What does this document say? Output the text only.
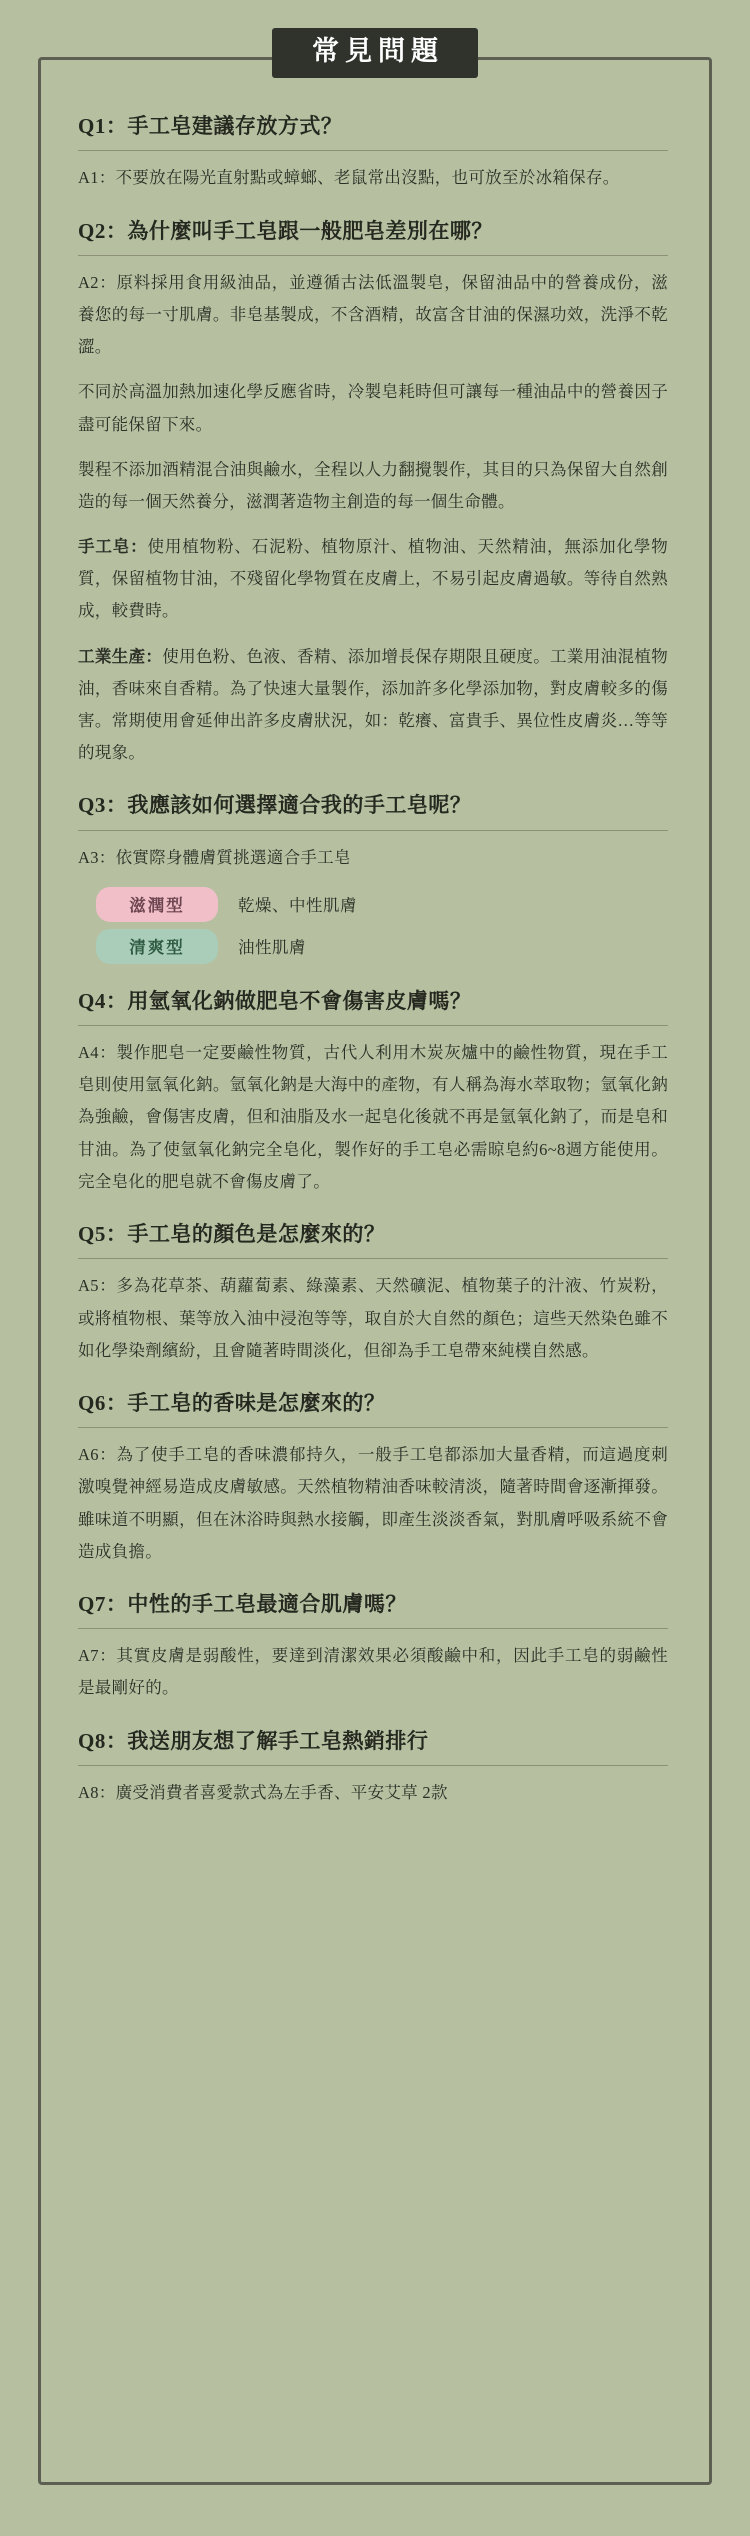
常見問題
Q1：手工皂建議存放方式？
A1：不要放在陽光直射點或蟑螂、老鼠常出沒點，也可放至於冰箱保存。
Q2：為什麼叫手工皂跟一般肥皂差別在哪？
A2：原料採用食用級油品，並遵循古法低溫製皂，保留油品中的營養成份，滋養您的每一寸肌膚。非皂基製成，不含酒精，故富含甘油的保濕功效，洗淨不乾澀。
不同於高溫加熱加速化學反應省時，冷製皂耗時但可讓每一種油品中的營養因子盡可能保留下來。
製程不添加酒精混合油與鹼水，全程以人力翻攪製作，其目的只為保留大自然創造的每一個天然養分，滋潤著造物主創造的每一個生命體。
手工皂：使用植物粉、石泥粉、植物原汁、植物油、天然精油，無添加化學物質，保留植物甘油，不殘留化學物質在皮膚上，不易引起皮膚過敏。等待自然熟成，較費時。
工業生產：使用色粉、色液、香精、添加增長保存期限且硬度。工業用油混植物油，香味來自香精。為了快速大量製作，添加許多化學添加物，對皮膚較多的傷害。常期使用會延伸出許多皮膚狀況，如：乾癢、富貴手、異位性皮膚炎…等等的現象。
Q3：我應該如何選擇適合我的手工皂呢？
A3：依實際身體膚質挑選適合手工皂
滋潤型	乾燥、中性肌膚
清爽型	油性肌膚
Q4：用氫氧化鈉做肥皂不會傷害皮膚嗎？
A4：製作肥皂一定要鹼性物質，古代人利用木炭灰爐中的鹼性物質，現在手工皂則使用氫氧化鈉。氫氧化鈉是大海中的產物，有人稱為海水萃取物；氫氧化鈉為強鹼，會傷害皮膚，但和油脂及水一起皂化後就不再是氫氧化鈉了，而是皂和甘油。為了使氫氧化鈉完全皂化，製作好的手工皂必需晾皂約6~8週方能使用。完全皂化的肥皂就不會傷皮膚了。
Q5：手工皂的顏色是怎麼來的？
A5：多為花草茶、葫蘿蔔素、綠藻素、天然礦泥、植物葉子的汁液、竹炭粉，或將植物根、葉等放入油中浸泡等等，取自於大自然的顏色；這些天然染色雖不如化學染劑繽紛，且會隨著時間淡化，但卻為手工皂帶來純樸自然感。
Q6：手工皂的香味是怎麼來的？
A6：為了使手工皂的香味濃郁持久，一般手工皂都添加大量香精，而這過度刺激嗅覺神經易造成皮膚敏感。天然植物精油香味較清淡，隨著時間會逐漸揮發。雖味道不明顯，但在沐浴時與熱水接觸，即產生淡淡香氣，對肌膚呼吸系統不會造成負擔。
Q7：中性的手工皂最適合肌膚嗎？
A7：其實皮膚是弱酸性，要達到清潔效果必須酸鹼中和，因此手工皂的弱鹼性是最剛好的。
Q8：我送朋友想了解手工皂熱銷排行
A8：廣受消費者喜愛款式為左手香、平安艾草 2款
